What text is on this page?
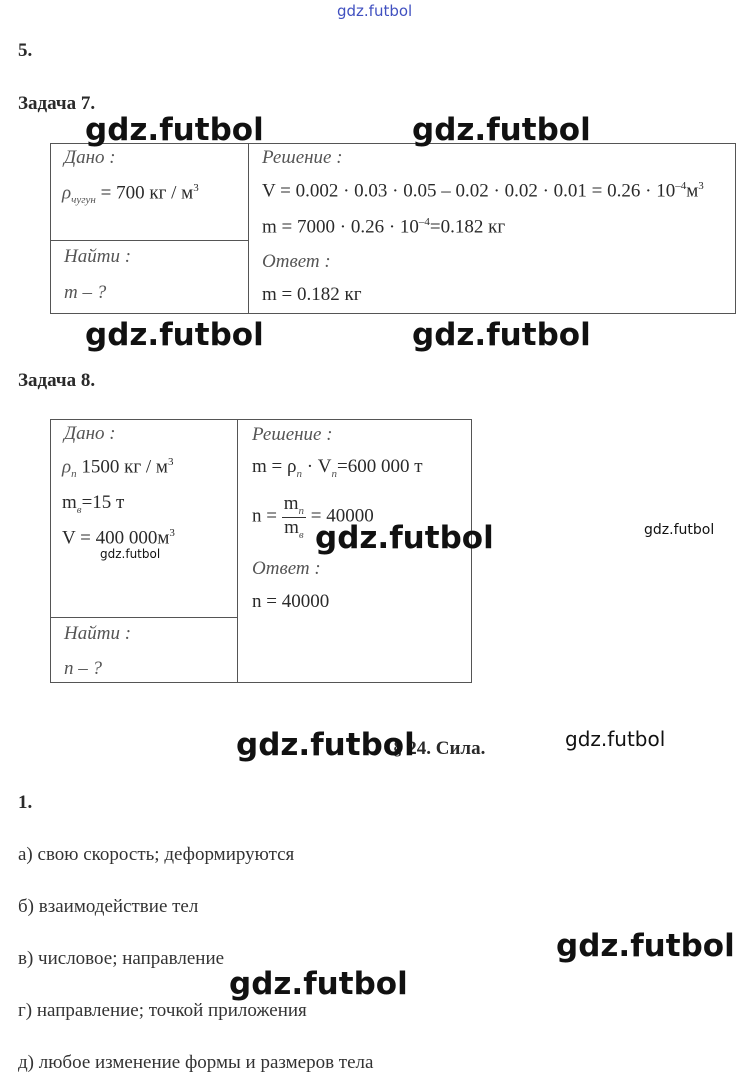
gdz.futbol
5.
Задача 7.
Дано :
$\rho_{чугун} = 700$ кг / $м^3$
Найти :
m – ?
Решение :
$V = 0.002 \cdot 0.03 \cdot 0.05 - 0.02 \cdot 0.02 \cdot 0.01 = 0.26 \cdot 10^{-4}м^3$
$m = 7000 \cdot 0.26 \cdot 10^{-4}=0.182$ кг
Ответ :
m = 0.182 кг
gdz.futbol	gdz.futbol
gdz.futbol	gdz.futbol
Задача 8.
Дано :
$\rho_п$ 1500 кг / $м^3$
$m_в=15$ т
V = 400 $000м^3$
Найти :
n – ?
Решение :
$m = \rho_п \cdot V_п=600$ 000 т
$n = \frac{m_п}{m_в} = 40000$
Ответ :
n = 40000
gdz.futbol	gdz.futbol	gdz.futbol
§ 24. Сила.
gdz.futbol	gdz.futbol
1.
а) свою скорость; деформируются
б) взаимодействие тел
в) числовое; направление
г) направление; точкой приложения
д) любое изменение формы и размеров тела
gdz.futbol
gdz.futbol
